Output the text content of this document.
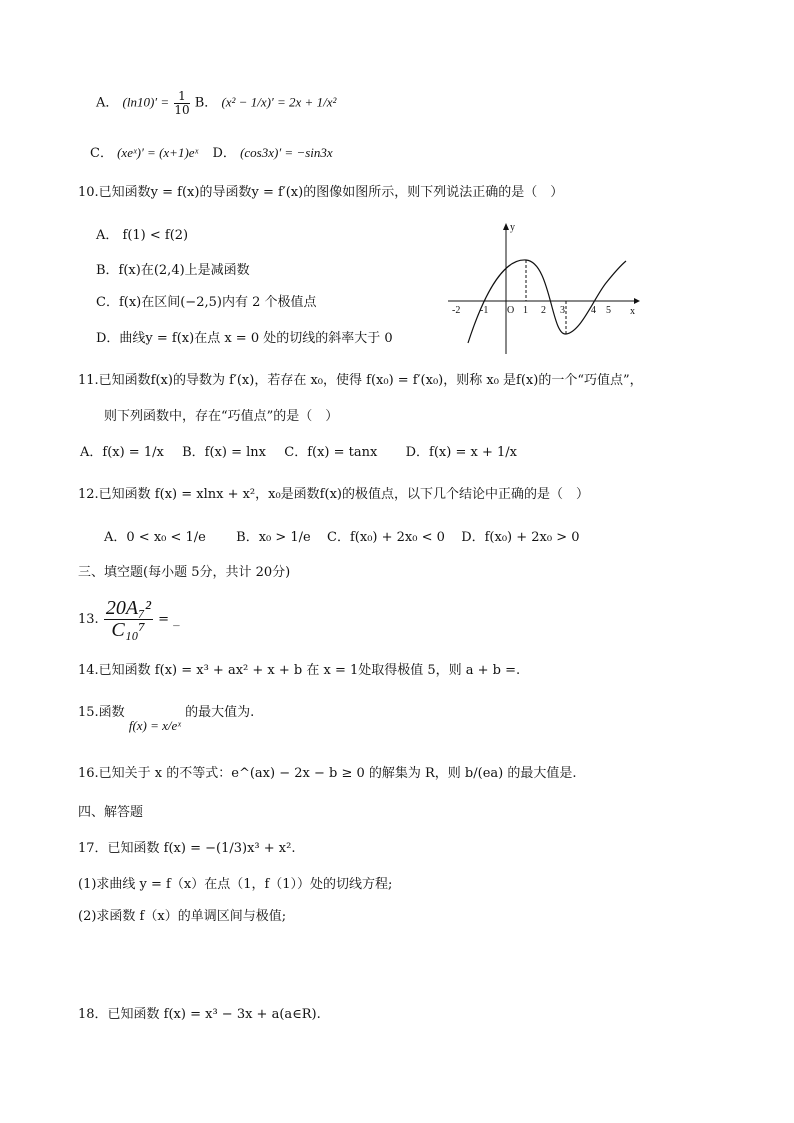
A． $(\ln 10)' = \frac{1}{10}$ B． (x² − 1/x)′ = 2x + 1/x²
C． (xeˣ)′ = (x+1)eˣ D． (cos3x)′ = −sin3x
10.已知函数y = f(x)的导函数y = f′(x)的图像如图所示，则下列说法正确的是（　）
A． f(1) < f(2)
B．f(x)在(2,4)上是减函数
C．f(x)在区间(−2,5)内有 2 个极值点
D．曲线y = f(x)在点 x = 0 处的切线的斜率大于 0
y
x
O
-2 -1	1 2 3	4 5
11.已知函数f(x)的导数为 f′(x)，若存在 x₀，使得 f(x₀) = f′(x₀)，则称 x₀ 是f(x)的一个“巧值点”，
则下列函数中，存在“巧值点”的是（　）
A．f(x) = 1/x B．f(x) = lnx C．f(x) = tanx D．f(x) = x + 1/x
12.已知函数 f(x) = xlnx + x²，x₀是函数f(x)的极值点，以下几个结论中正确的是（　）
A．0 < x₀ < 1/e B．x₀ > 1/e C．f(x₀) + 2x₀ < 0 D．f(x₀) + 2x₀ > 0
三、填空题(每小题 5分，共计 20分)
13. $\frac{\text{20A₇²}}{\text{C₁₀⁷}}$ = _
14.已知函数 f(x) = x³ + ax² + x + b 在 x = 1处取得极值 5，则 a + b =.
15.函数 f(x) = x/eˣ 的最大值为.
16.已知关于 x 的不等式：e^(ax) − 2x − b ≥ 0 的解集为 R，则 b/(ea) 的最大值是.
四、解答题
17．已知函数 f(x) = −(1/3)x³ + x².
(1)求曲线 y = f（x）在点（1，f（1））处的切线方程;
(2)求函数 f（x）的单调区间与极值;
18．已知函数 f(x) = x³ − 3x + a(a∈R).
